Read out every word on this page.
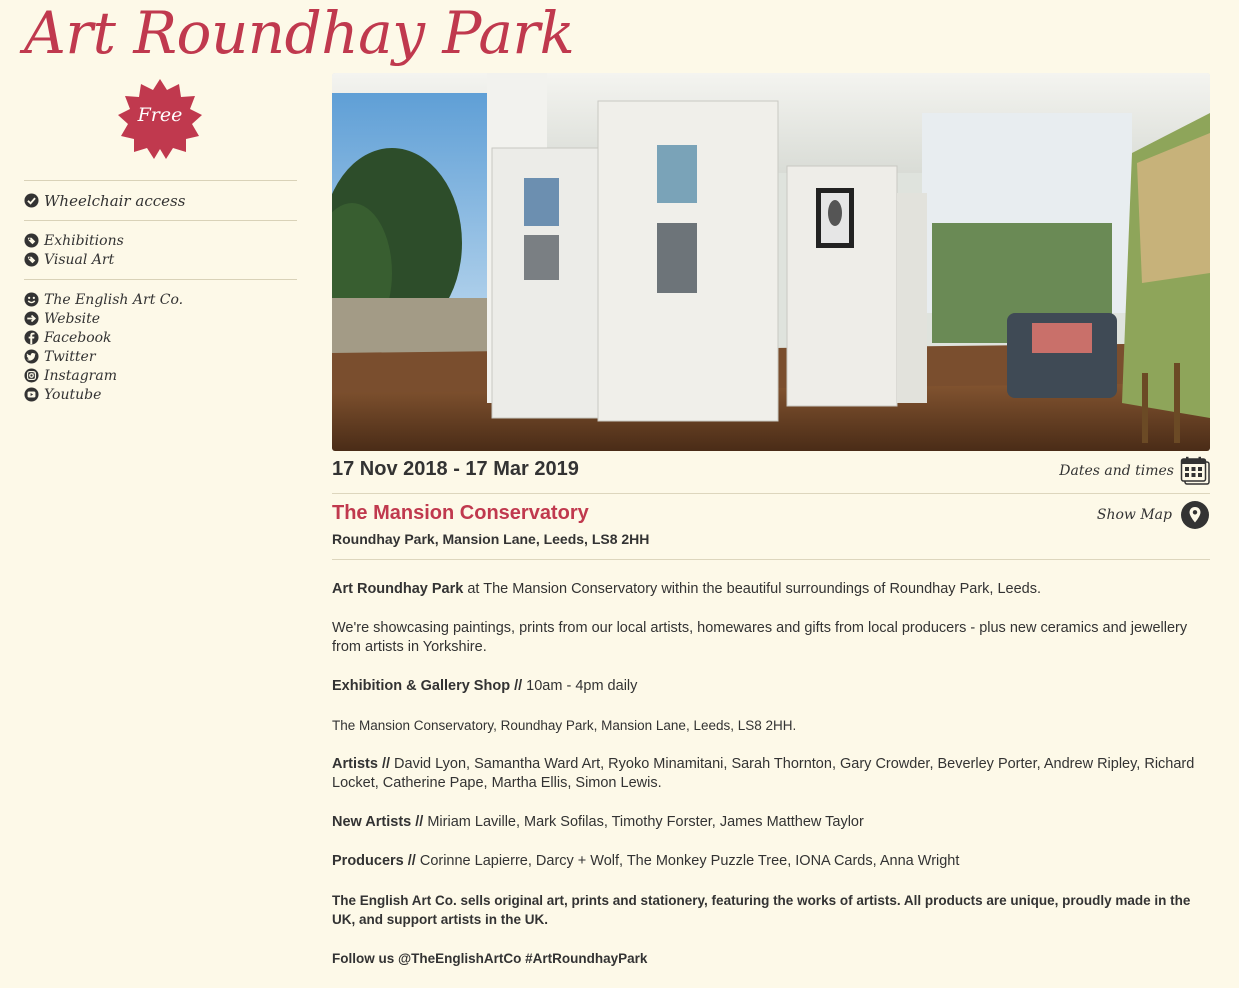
Art Roundhay Park
Free
Wheelchair access
Exhibitions
Visual Art
The English Art Co.
Website
Facebook
Twitter
Instagram
Youtube
17 Nov 2018 - 17 Mar 2019	Dates and times
The Mansion Conservatory
Roundhay Park, Mansion Lane, Leeds, LS8 2HH
Show Map

Art Roundhay Park at The Mansion Conservatory within the beautiful surroundings of Roundhay Park, Leeds.

We're showcasing paintings, prints from our local artists, homewares and gifts from local producers - plus new ceramics and jewellery from artists in Yorkshire.

Exhibition & Gallery Shop // 10am - 4pm daily

The Mansion Conservatory, Roundhay Park, Mansion Lane, Leeds, LS8 2HH.

Artists // David Lyon, Samantha Ward Art, Ryoko Minamitani, Sarah Thornton, Gary Crowder, Beverley Porter, Andrew Ripley, Richard Locket, Catherine Pape, Martha Ellis, Simon Lewis.

New Artists // Miriam Laville, Mark Sofilas, Timothy Forster, James Matthew Taylor

Producers // Corinne Lapierre, Darcy + Wolf, The Monkey Puzzle Tree, IONA Cards, Anna Wright

The English Art Co. sells original art, prints and stationery, featuring the works of artists. All products are unique, proudly made in the UK, and support artists in the UK.

Follow us @TheEnglishArtCo #ArtRoundhayPark
